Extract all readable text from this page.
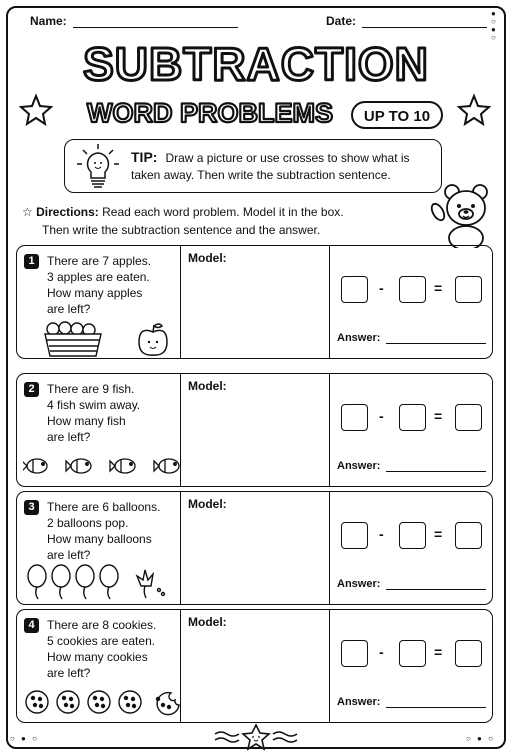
●
○
●
○
○ ● ○	○ ● ○
Name:	Date:
SUBTRACTION
WORD PROBLEMS UP TO 10
TIP: Draw a picture or use crosses to show what is taken away. Then write the subtraction sentence.
☆ Directions: Read each word problem. Model it in the box.
Then write the subtraction sentence and the answer.
1	There are 7 apples.
3 apples are eaten.
How many apples
are left?
Model:
-	=
Answer:
2	There are 9 fish.
4 fish swim away.
How many fish
are left?
Model:
-	=
Answer:
3	There are 6 balloons.
2 balloons pop.
How many balloons
are left?
Model:
-	=
Answer:
4	There are 8 cookies.
5 cookies are eaten.
How many cookies
are left?
Model:
-	=
Answer:
